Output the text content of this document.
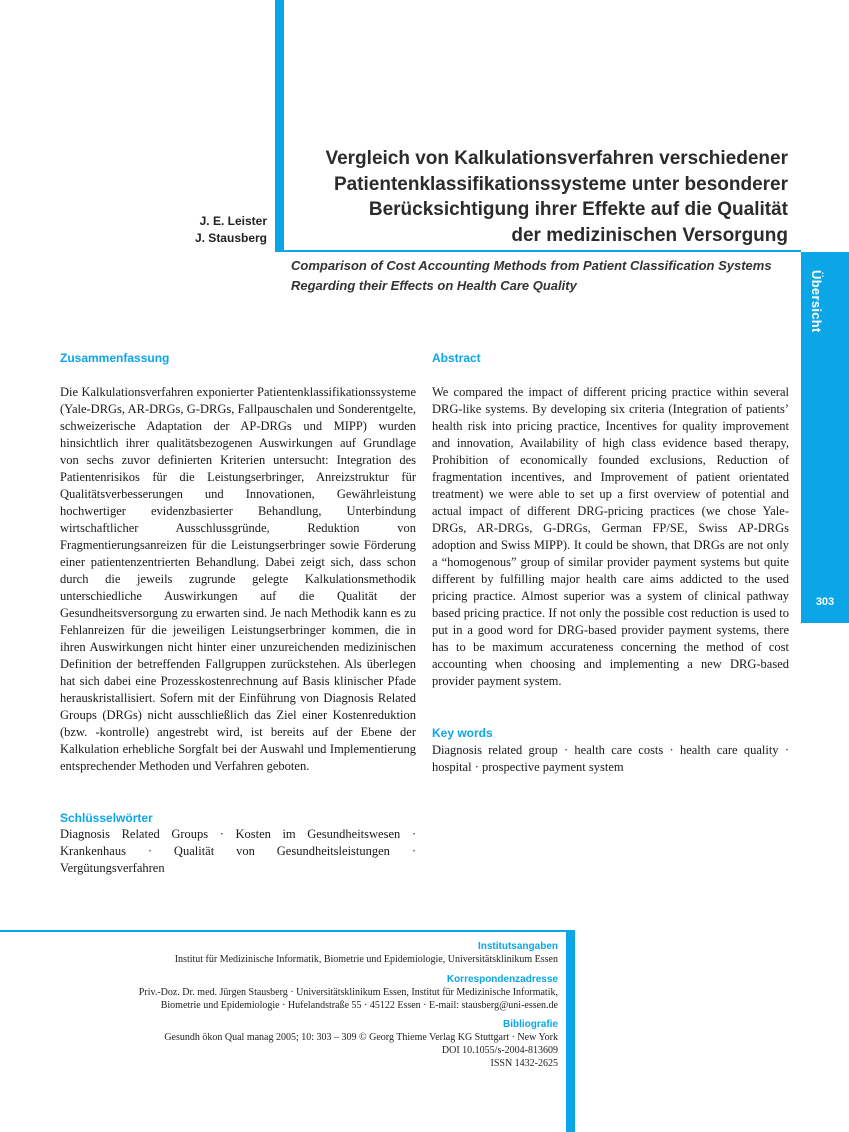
Übersicht
303
J. E. Leister
J. Stausberg
Vergleich von Kalkulationsverfahren verschiedener
Patientenklassifikationssysteme unter besonderer
Berücksichtigung ihrer Effekte auf die Qualität
der medizinischen Versorgung
Comparison of Cost Accounting Methods from Patient Classification Systems
Regarding their Effects on Health Care Quality
Zusammenfassung
Die Kalkulationsverfahren exponierter Patientenklassifikationssysteme (Yale-DRGs, AR-DRGs, G-DRGs, Fallpauschalen und Sonderentgelte, schweizerische Adaptation der AP-DRGs und MIPP) wurden hinsichtlich ihrer qualitätsbezogenen Auswirkungen auf Grundlage von sechs zuvor definierten Kriterien untersucht: Integration des Patientenrisikos für die Leistungserbringer, Anreizstruktur für Qualitätsverbesserungen und Innovationen, Gewährleistung hochwertiger evidenzbasierter Behandlung, Unterbindung wirtschaftlicher Ausschlussgründe, Reduktion von Fragmentierungsanreizen für die Leistungserbringer sowie Förderung einer patientenzentrierten Behandlung. Dabei zeigt sich, dass schon durch die jeweils zugrunde gelegte Kalkulationsmethodik unterschiedliche Auswirkungen auf die Qualität der Gesundheitsversorgung zu erwarten sind. Je nach Methodik kann es zu Fehlanreizen für die jeweiligen Leistungserbringer kommen, die in ihren Auswirkungen nicht hinter einer unzureichenden medizinischen Definition der betreffenden Fallgruppen zurückstehen. Als überlegen hat sich dabei eine Prozesskostenrechnung auf Basis klinischer Pfade herauskristallisiert. Sofern mit der Einführung von Diagnosis Related Groups (DRGs) nicht ausschließlich das Ziel einer Kostenreduktion (bzw. -kontrolle) angestrebt wird, ist bereits auf der Ebene der Kalkulation erhebliche Sorgfalt bei der Auswahl und Implementierung entsprechender Methoden und Verfahren geboten.
Schlüsselwörter
Diagnosis Related Groups · Kosten im Gesundheitswesen · Krankenhaus · Qualität von Gesundheitsleistungen · Vergütungsverfahren
Abstract
We compared the impact of different pricing practice within several DRG-like systems. By developing six criteria (Integration of patients’ health risk into pricing practice, Incentives for quality improvement and innovation, Availability of high class evidence based therapy, Prohibition of economically founded exclusions, Reduction of fragmentation incentives, and Improvement of patient orientated treatment) we were able to set up a first overview of potential and actual impact of different DRG-pricing practices (we chose Yale-DRGs, AR-DRGs, G-DRGs, German FP/SE, Swiss AP-DRGs adoption and Swiss MIPP). It could be shown, that DRGs are not only a “homogenous” group of similar provider payment systems but quite different by fulfilling major health care aims addicted to the used pricing practice. Almost superior was a system of clinical pathway based pricing practice. If not only the possible cost reduction is used to put in a good word for DRG-based provider payment systems, there has to be maximum accurateness concerning the method of cost accounting when choosing and implementing a new DRG-based provider payment system.
Key words
Diagnosis related group · health care costs · health care quality · hospital · prospective payment system
Institutsangaben
Institut für Medizinische Informatik, Biometrie und Epidemiologie, Universitätsklinikum Essen
Korrespondenzadresse
Priv.-Doz. Dr. med. Jürgen Stausberg · Universitätsklinikum Essen, Institut für Medizinische Informatik,
Biometrie und Epidemiologie · Hufelandstraße 55 · 45122 Essen · E-mail: stausberg@uni-essen.de
Bibliografie
Gesundh ökon Qual manag 2005; 10: 303 – 309 © Georg Thieme Verlag KG Stuttgart · New York
DOI 10.1055/s-2004-813609
ISSN 1432-2625
